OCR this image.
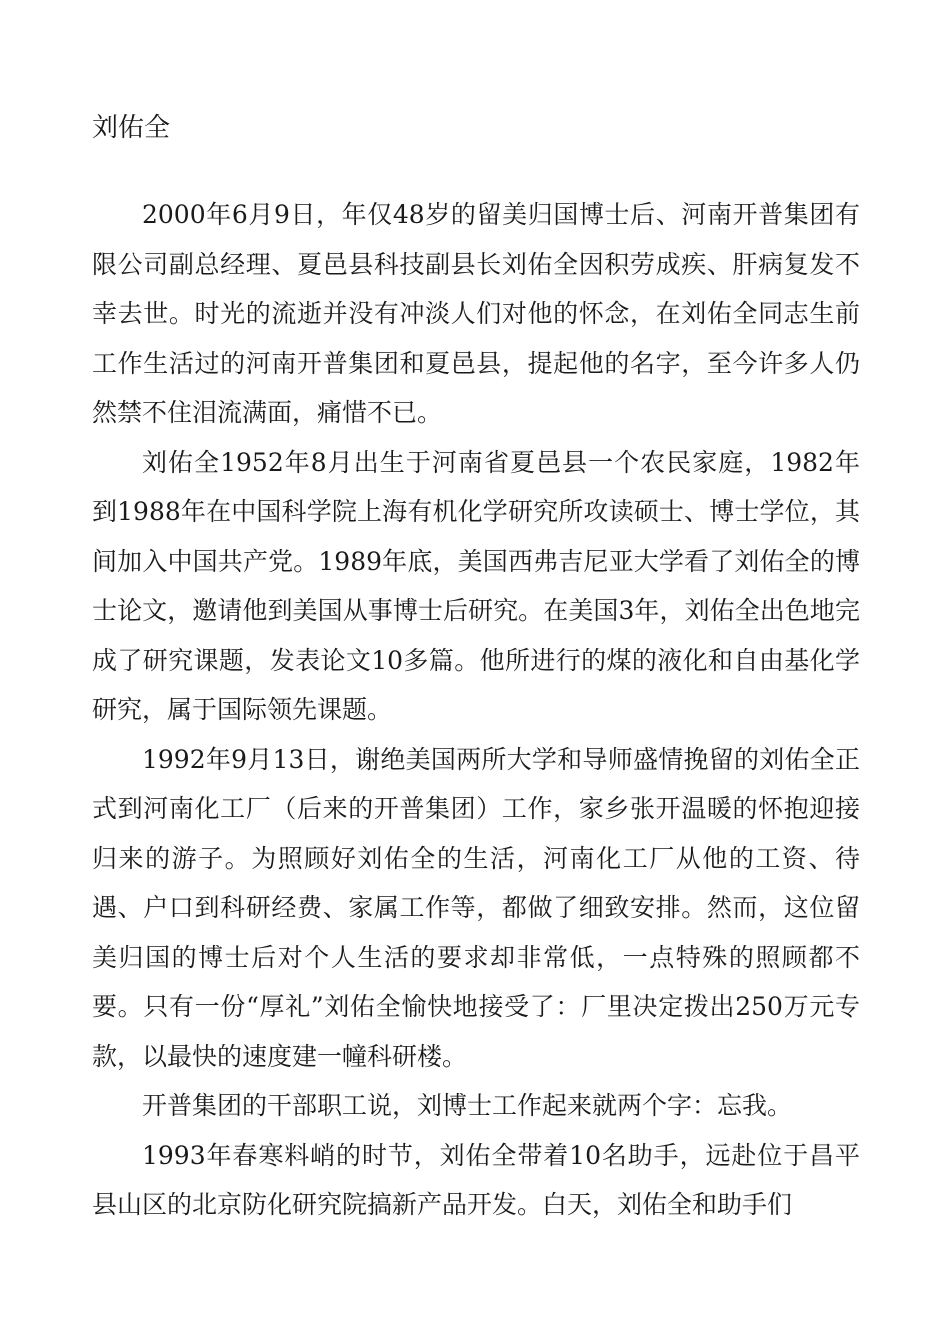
刘佑全

2000年6月9日，年仅48岁的留美归国博士后、河南开普集团有限公司副总经理、夏邑县科技副县长刘佑全因积劳成疾、肝病复发不幸去世。时光的流逝并没有冲淡人们对他的怀念，在刘佑全同志生前工作生活过的河南开普集团和夏邑县，提起他的名字，至今许多人仍然禁不住泪流满面，痛惜不已。

刘佑全1952年8月出生于河南省夏邑县一个农民家庭，1982年到1988年在中国科学院上海有机化学研究所攻读硕士、博士学位，其间加入中国共产党。1989年底，美国西弗吉尼亚大学看了刘佑全的博士论文，邀请他到美国从事博士后研究。在美国3年，刘佑全出色地完成了研究课题，发表论文10多篇。他所进行的煤的液化和自由基化学研究，属于国际领先课题。

1992年9月13日，谢绝美国两所大学和导师盛情挽留的刘佑全正式到河南化工厂（后来的开普集团）工作，家乡张开温暖的怀抱迎接归来的游子。为照顾好刘佑全的生活，河南化工厂从他的工资、待遇、户口到科研经费、家属工作等，都做了细致安排。然而，这位留美归国的博士后对个人生活的要求却非常低，一点特殊的照顾都不要。只有一份“厚礼”刘佑全愉快地接受了：厂里决定拨出250万元专款，以最快的速度建一幢科研楼。

开普集团的干部职工说，刘博士工作起来就两个字：忘我。

1993年春寒料峭的时节，刘佑全带着10名助手，远赴位于昌平县山区的北京防化研究院搞新产品开发。白天，刘佑全和助手们
